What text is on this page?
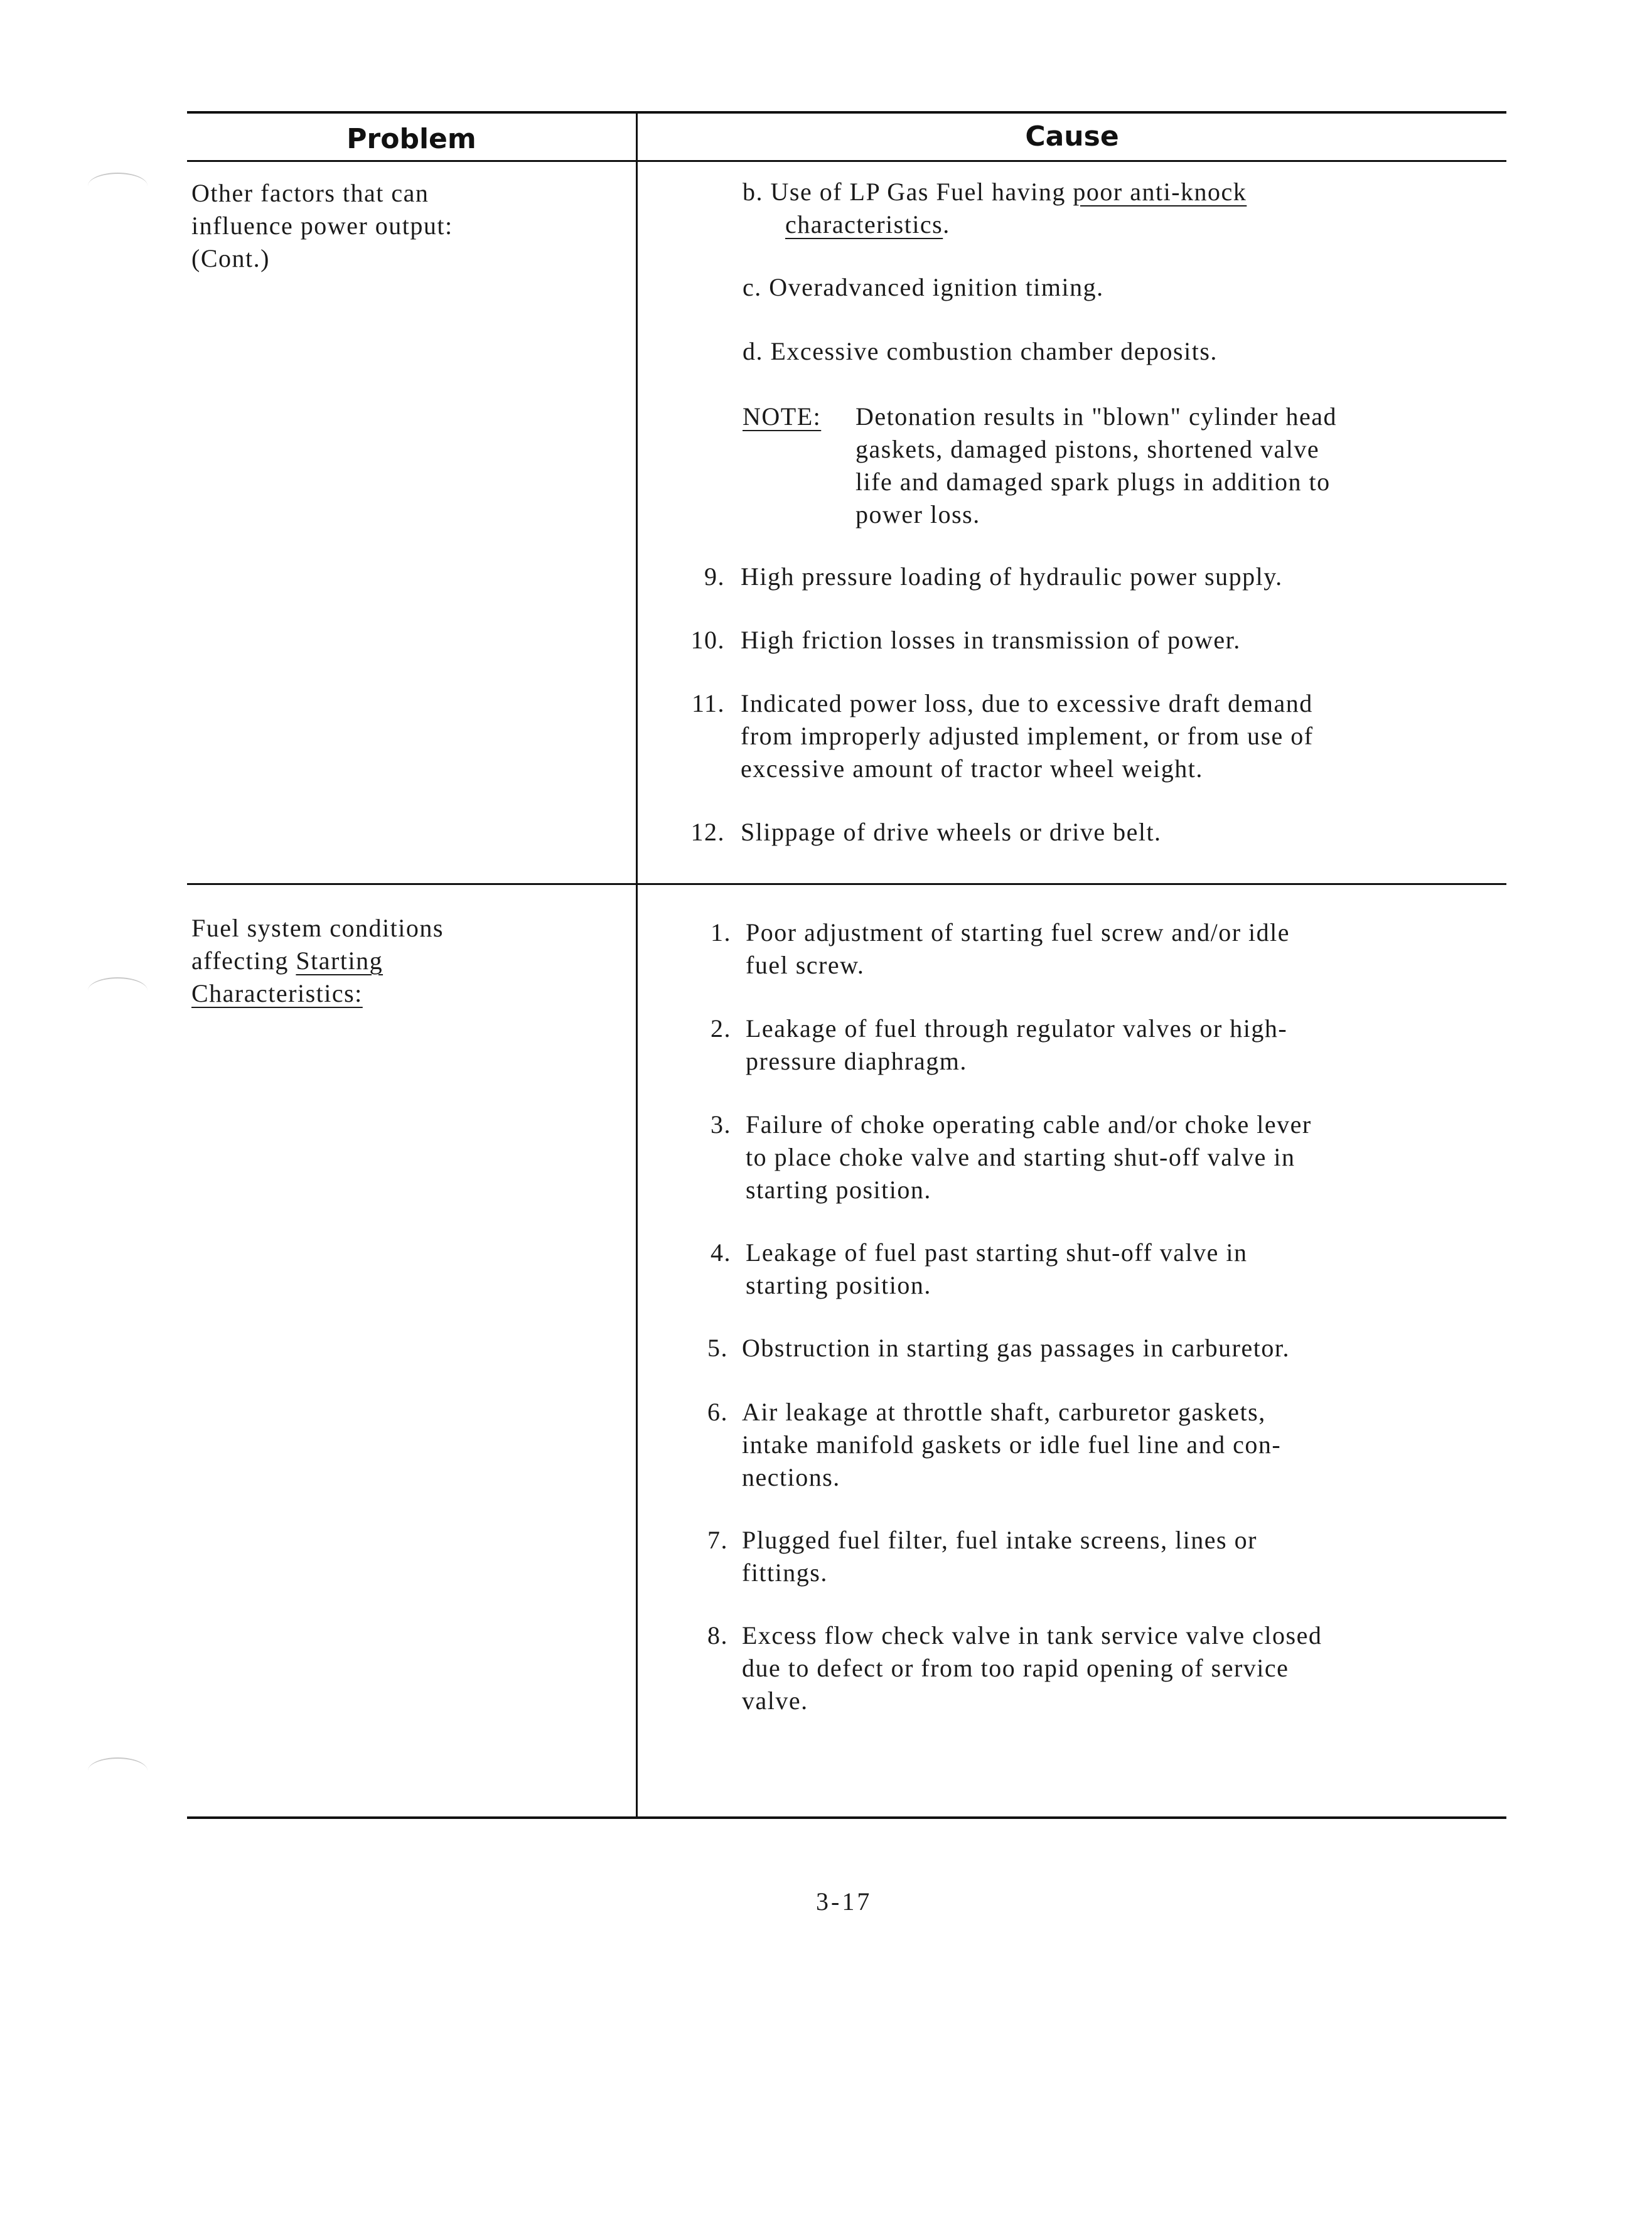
Problem	Cause
Other factors that can
influence power output:
(Cont.)
b. Use of LP Gas Fuel having poor anti-knock
characteristics.
c. Overadvanced ignition timing.
d. Excessive combustion chamber deposits.
NOTE: Detonation results in "blown" cylinder head
gaskets, damaged pistons, shortened valve
life and damaged spark plugs in addition to
power loss.
9. High pressure loading of hydraulic power supply.
10. High friction losses in transmission of power.
11. Indicated power loss, due to excessive draft demand
from improperly adjusted implement, or from use of
excessive amount of tractor wheel weight.
12. Slippage of drive wheels or drive belt.
Fuel system conditions
affecting Starting
Characteristics:
1. Poor adjustment of starting fuel screw and/or idle
fuel screw.
2. Leakage of fuel through regulator valves or high-
pressure diaphragm.
3. Failure of choke operating cable and/or choke lever
to place choke valve and starting shut-off valve in
starting position.
4. Leakage of fuel past starting shut-off valve in
starting position.
5. Obstruction in starting gas passages in carburetor.
6. Air leakage at throttle shaft, carburetor gaskets,
intake manifold gaskets or idle fuel line and con-
nections.
7. Plugged fuel filter, fuel intake screens, lines or
fittings.
8. Excess flow check valve in tank service valve closed
due to defect or from too rapid opening of service
valve.
3-17
